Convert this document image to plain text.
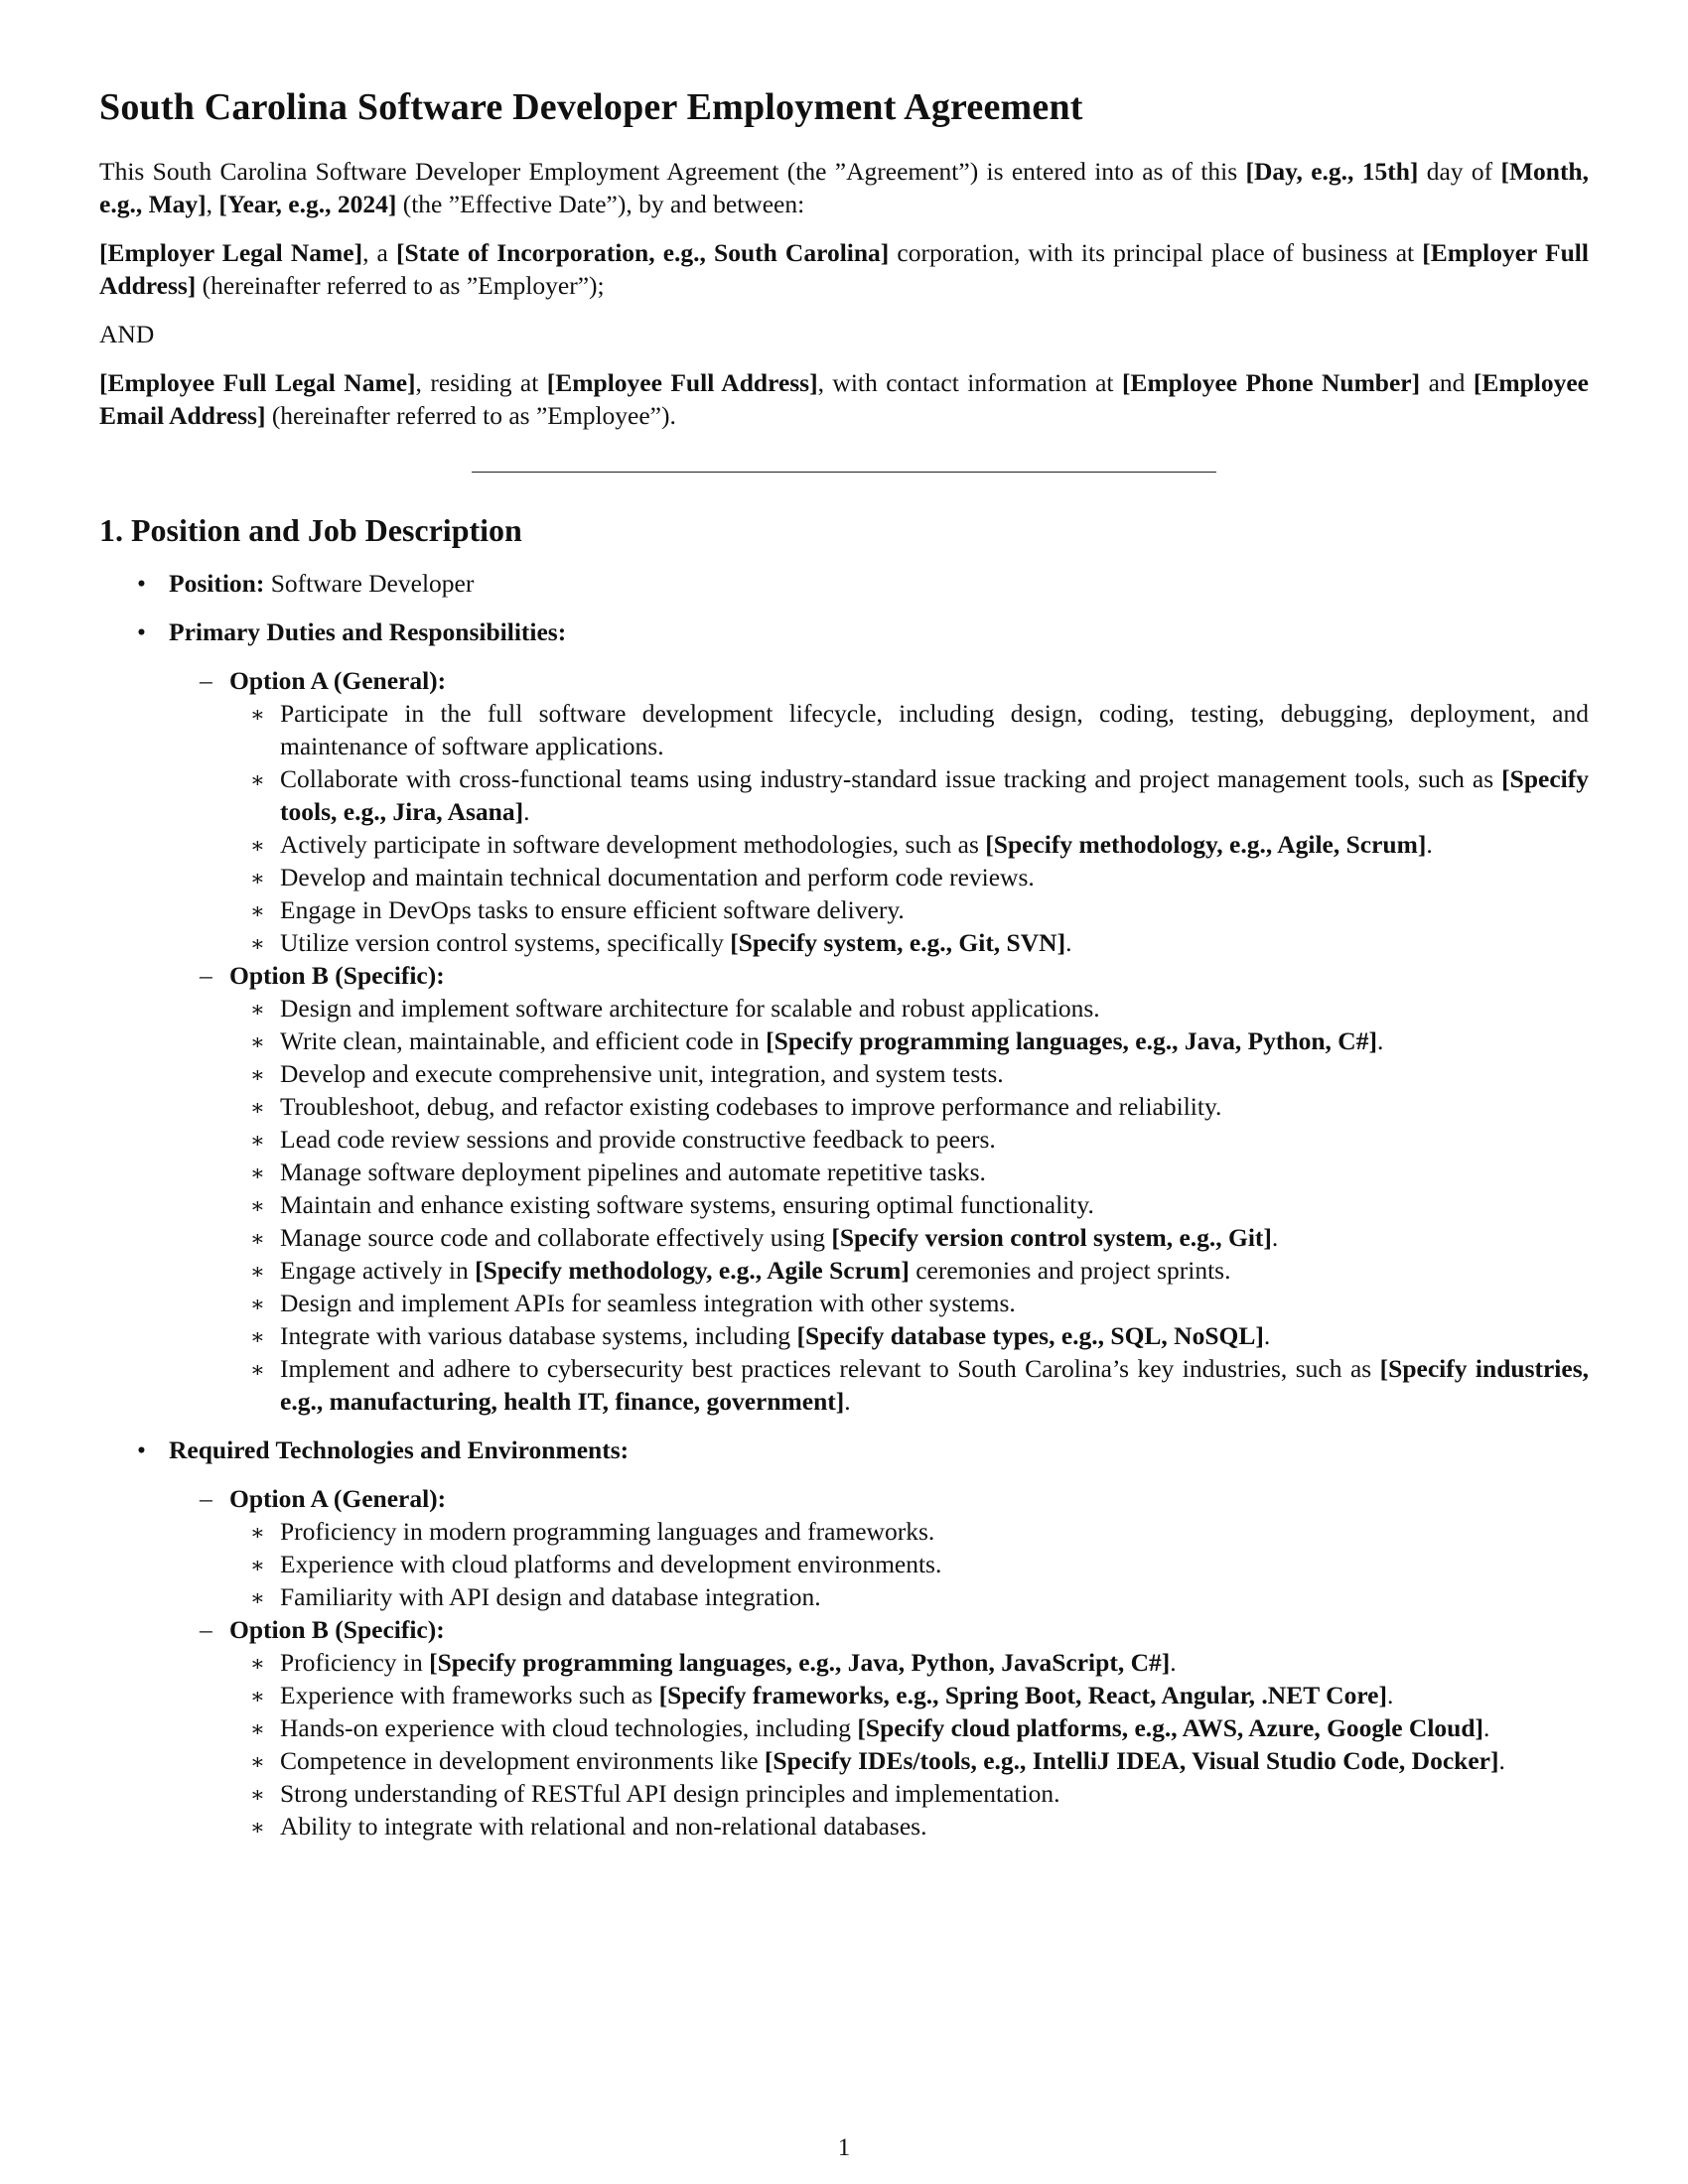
South Carolina Software Developer Employment Agreement

This South Carolina Software Developer Employment Agreement (the ”Agreement”) is entered into as of this [Day, e.g., 15th] day of [Month, e.g., May], [Year, e.g., 2024] (the ”Effective Date”), by and between:

[Employer Legal Name], a [State of Incorporation, e.g., South Carolina] corporation, with its principal place of business at [Employer Full Address] (hereinafter referred to as ”Employer”);

AND

[Employee Full Legal Name], residing at [Employee Full Address], with contact information at [Employee Phone Number] and [Employee Email Address] (hereinafter referred to as ”Employee”).

1. Position and Job Description
• Position: Software Developer
• Primary Duties and Responsibilities:
– Option A (General):
∗ Participate in the full software development lifecycle, including design, coding, testing, debugging, deployment, and maintenance of software applications.
∗ Collaborate with cross-functional teams using industry-standard issue tracking and project management tools, such as [Specify tools, e.g., Jira, Asana].
∗ Actively participate in software development methodologies, such as [Specify methodology, e.g., Agile, Scrum].
∗ Develop and maintain technical documentation and perform code reviews.
∗ Engage in DevOps tasks to ensure efficient software delivery.
∗ Utilize version control systems, specifically [Specify system, e.g., Git, SVN].
– Option B (Specific):
∗ Design and implement software architecture for scalable and robust applications.
∗ Write clean, maintainable, and efficient code in [Specify programming languages, e.g., Java, Python, C#].
∗ Develop and execute comprehensive unit, integration, and system tests.
∗ Troubleshoot, debug, and refactor existing codebases to improve performance and reliability.
∗ Lead code review sessions and provide constructive feedback to peers.
∗ Manage software deployment pipelines and automate repetitive tasks.
∗ Maintain and enhance existing software systems, ensuring optimal functionality.
∗ Manage source code and collaborate effectively using [Specify version control system, e.g., Git].
∗ Engage actively in [Specify methodology, e.g., Agile Scrum] ceremonies and project sprints.
∗ Design and implement APIs for seamless integration with other systems.
∗ Integrate with various database systems, including [Specify database types, e.g., SQL, NoSQL].
∗ Implement and adhere to cybersecurity best practices relevant to South Carolina’s key industries, such as [Specify industries, e.g., manufacturing, health IT, finance, government].
• Required Technologies and Environments:
– Option A (General):
∗ Proficiency in modern programming languages and frameworks.
∗ Experience with cloud platforms and development environments.
∗ Familiarity with API design and database integration.
– Option B (Specific):
∗ Proficiency in [Specify programming languages, e.g., Java, Python, JavaScript, C#].
∗ Experience with frameworks such as [Specify frameworks, e.g., Spring Boot, React, Angular, .NET Core].
∗ Hands-on experience with cloud technologies, including [Specify cloud platforms, e.g., AWS, Azure, Google Cloud].
∗ Competence in development environments like [Specify IDEs/tools, e.g., IntelliJ IDEA, Visual Studio Code, Docker].
∗ Strong understanding of RESTful API design principles and implementation.
∗ Ability to integrate with relational and non-relational databases.
1
